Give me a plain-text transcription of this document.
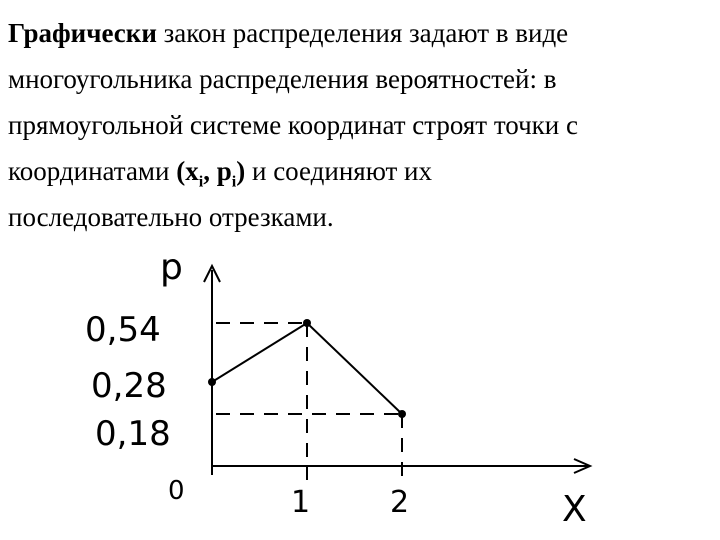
Графически закон распределения задают в виде

многоугольника распределения вероятностей: в

прямоугольной системе координат строят точки с

координатами ($x_i$, $p_i$) и соединяют их

последовательно отрезками.

p
0,54
0,28
0,18
0	1	2	X
